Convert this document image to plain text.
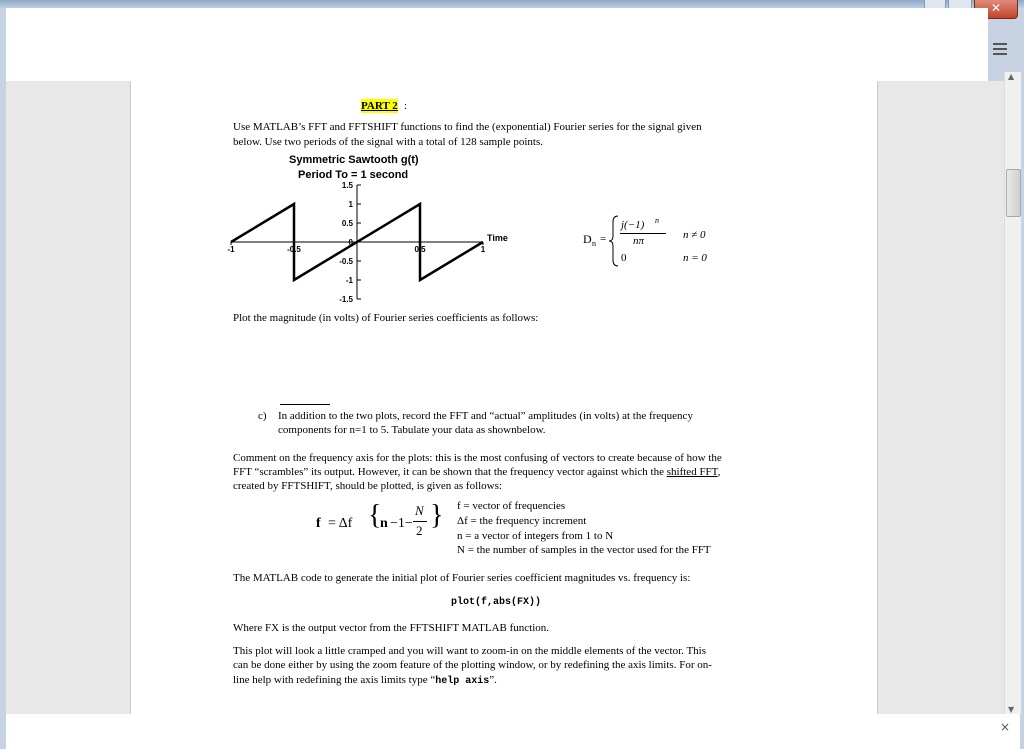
✕
PART 2 :
Use MATLAB’s FFT and FFTSHIFT functions to find the (exponential) Fourier series for the signal given
below. Use two periods of the signal with a total of 128 sample points.
Symmetric Sawtooth g(t)
Period To = 1 second
1.5
1
0.5
0
-0.5
-1
-1.5
-1	-0.5	0.5	1
Time	D n =
j(−1) n
nπ
0
n ≠ 0
n = 0
Plot the magnitude (in volts) of Fourier series coefficients as follows:
c) In addition to the two plots, record the FFT and “actual” amplitudes (in volts) at the frequency
components for n=1 to 5. Tabulate your data as shownbelow.
Comment on the frequency axis for the plots: this is the most confusing of vectors to create because of how the
FFT “scrambles” its output. However, it can be shown that the frequency vector against which the shifted FFT,
created by FFTSHIFT, should be plotted, is given as follows:
f = Δf {
n −1−
N
2 } f = vector of frequencies
Δf = the frequency increment
n = a vector of integers from 1 to N
N = the number of samples in the vector used for the FFT
The MATLAB code to generate the initial plot of Fourier series coefficient magnitudes vs. frequency is:
plot(f,abs(FX))
Where FX is the output vector from the FFTSHIFT MATLAB function.
This plot will look a little cramped and you will want to zoom-in on the middle elements of the vector. This
can be done either by using the zoom feature of the plotting window, or by redefining the axis limits. For on-
line help with redefining the axis limits type “help axis”.
▲
▼
×
